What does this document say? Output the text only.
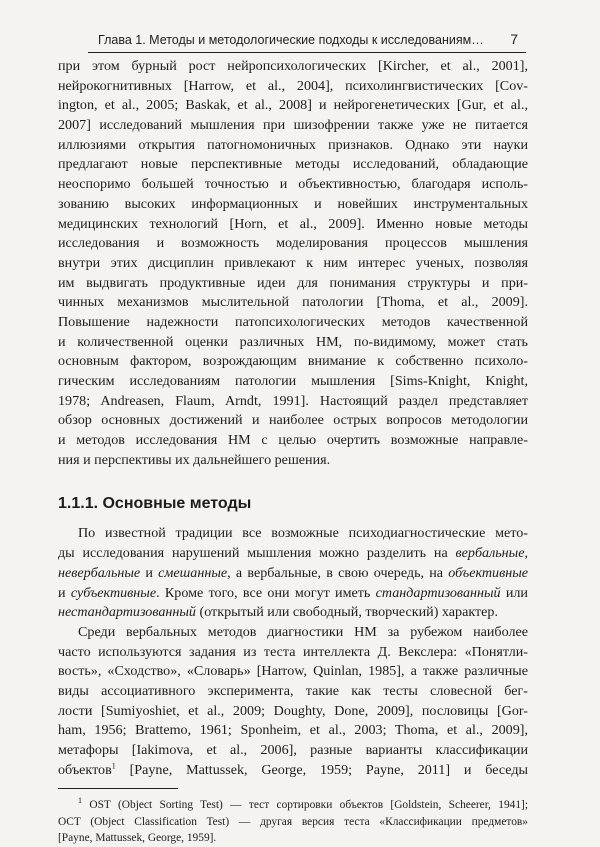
Глава 1. Методы и методологические подходы к исследованиям… 7
при этом бурный рост нейропсихологических [Kircher, et al., 2001],
нейрокогнитивных [Harrow, et al., 2004], психолингвистических [Cov-
ington, et al., 2005; Baskak, et al., 2008] и нейрогенетических [Gur, et al.,
2007] исследований мышления при шизофрении также уже не питается
иллюзиями открытия патогномоничных признаков. Однако эти науки
предлагают новые перспективные методы исследований, обладающие
неоспоримо большей точностью и объективностью, благодаря исполь-
зованию высоких информационных и новейших инструментальных
медицинских технологий [Horn, et al., 2009]. Именно новые методы
исследования и возможность моделирования процессов мышления
внутри этих дисциплин привлекают к ним интерес ученых, позволяя
им выдвигать продуктивные идеи для понимания структуры и при-
чинных механизмов мыслительной патологии [Thoma, et al., 2009].
Повышение надежности патопсихологических методов качественной
и количественной оценки различных НМ, по-видимому, может стать
основным фактором, возрождающим внимание к собственно психоло-
гическим исследованиям патологии мышления [Sims-Knight, Knight,
1978; Andreasen, Flaum, Arndt, 1991]. Настоящий раздел представляет
обзор основных достижений и наиболее острых вопросов методологии
и методов исследования НМ с целью очертить возможные направле-
ния и перспективы их дальнейшего решения.
1.1.1. Основные методы
По известной традиции все возможные психодиагностические мето-
ды исследования нарушений мышления можно разделить на вербальные,
невербальные и смешанные, а вербальные, в свою очередь, на объективные
и субъективные. Кроме того, все они могут иметь стандартизованный или
нестандартизованный (открытый или свободный, творческий) характер.
Среди вербальных методов диагностики НМ за рубежом наиболее
часто используются задания из теста интеллекта Д. Векслера: «Понятли-
вость», «Сходство», «Словарь» [Harrow, Quinlan, 1985], а также различные
виды ассоциативного эксперимента, такие как тесты словесной бег-
лости [Sumiyoshiet, et al., 2009; Doughty, Done, 2009], пословицы [Gor-
ham, 1956; Brattemo, 1961; Sponheim, et al., 2003; Thoma, et al., 2009],
метафоры [Iakimova, et al., 2006], разные варианты классификации
объектов$^1$ [Payne, Mattussek, George, 1959; Payne, 2011] и беседы
$^1$ OST (Object Sorting Test) — тест сортировки объектов [Goldstein, Scheerer, 1941];
OCT (Object Classification Test) — другая версия теста «Классификации предметов»
[Payne, Mattussek, George, 1959].
